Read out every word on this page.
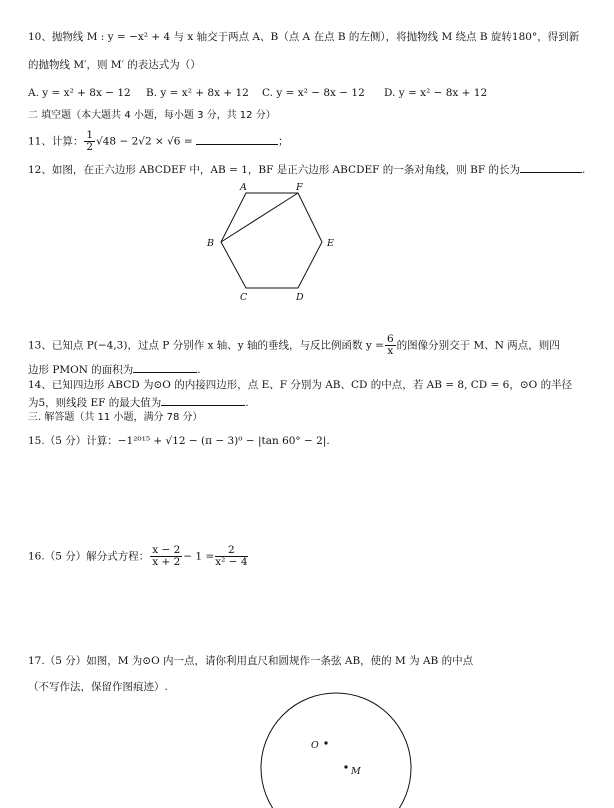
10、抛物线 M : y = −x² + 4 与 x 轴交于两点 A、B（点 A 在点 B 的左侧），将抛物线 M 绕点 B 旋转180°，得到新
的抛物线 M′，则 M′ 的表达式为（）
A. y = x² + 8x − 12 B. y = x² + 8x + 12 C. y = x² − 8x − 12 D. y = x² − 8x + 12
二 填空题（本大题共 4 小题，每小题 3 分，共 12 分）
11、计算： $\frac{1}{2} √48 - 2√2 \times √6$ =	；
12、如图，在正六边形 ABCDEF 中，AB = 1，BF 是正六边形 ABCDEF 的一条对角线，则 BF 的长为	.
A	F
B	E
C	D
13、已知点 P(−4,3)，过点 P 分别作 x 轴、y 轴的垂线，与反比例函数 $y = \frac{6}{x}$ 的图像分别交于 M、N 两点，则四
边形 PMON 的面积为	.
14、已知四边形 ABCD 为⊙O 的内接四边形，点 E、F 分别为 AB、CD 的中点，若 AB = 8, CD = 6，⊙O 的半径
为5，则线段 EF 的最大值为	.
三. 解答题（共 11 小题，满分 78 分）
15.（5 分）计算：−1²⁰¹⁵ + √12 − (π − 3)⁰ − |tan 60° − 2|.
16.（5 分）解分式方程： $\frac{x - 2}{x + 2} - 1 = \frac{2}{\text{x² − 4}}$
17.（5 分）如图，M 为⊙O 内一点，请你利用直尺和圆规作一条弦 AB，使的 M 为 AB 的中点
（不写作法，保留作图痕迹）.
O
M
